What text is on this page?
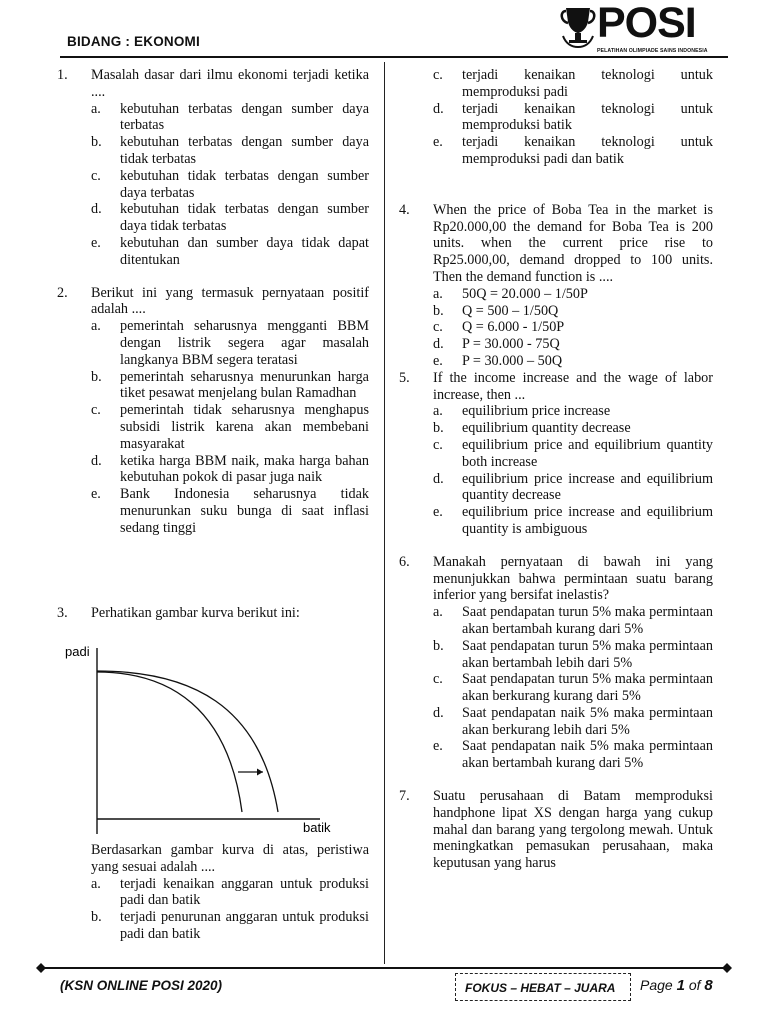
BIDANG : EKONOMI	POSI
PELATIHAN OLIMPIADE SAINS INDONESIA
1. Masalah dasar dari ilmu ekonomi terjadi ketika ....
a. kebutuhan terbatas dengan sumber daya terbatas
b. kebutuhan terbatas dengan sumber daya tidak terbatas
c. kebutuhan tidak terbatas dengan sumber daya terbatas
d. kebutuhan tidak terbatas dengan sumber daya tidak terbatas
e. kebutuhan dan sumber daya tidak dapat ditentukan
2. Berikut ini yang termasuk pernyataan positif adalah ....
a. pemerintah seharusnya mengganti BBM dengan listrik segera agar masalah langkanya BBM segera teratasi
b. pemerintah seharusnya menurunkan harga tiket pesawat menjelang bulan Ramadhan
c. pemerintah tidak seharusnya menghapus subsidi listrik karena akan membebani masyarakat
d. ketika harga BBM naik, maka harga bahan kebutuhan pokok di pasar juga naik
e. Bank Indonesia seharusnya tidak menurunkan suku bunga di saat inflasi sedang tinggi
3. Perhatikan gambar kurva berikut ini:
padi
batik
Berdasarkan gambar kurva di atas, peristiwa yang sesuai adalah ....
a. terjadi kenaikan anggaran untuk produksi padi dan batik
b. terjadi penurunan anggaran untuk produksi padi dan batik
c. terjadi kenaikan teknologi untuk memproduksi padi
d. terjadi kenaikan teknologi untuk memproduksi batik
e. terjadi kenaikan teknologi untuk memproduksi padi dan batik
4. When the price of Boba Tea in the market is Rp20.000,00 the demand for Boba Tea is 200 units. when the current price rise to Rp25.000,00, demand dropped to 100 units. Then the demand function is ....
a. 50Q = 20.000 – 1/50P
b. Q = 500 – 1/50Q
c. Q = 6.000 - 1/50P
d. P = 30.000 - 75Q
e. P = 30.000 – 50Q
5. If the income increase and the wage of labor increase, then ...
a. equilibrium price increase
b. equilibrium quantity decrease
c. equilibrium price and equilibrium quantity both increase
d. equilibrium price increase and equilibrium quantity decrease
e. equilibrium price increase and equilibrium quantity is ambiguous
6. Manakah pernyataan di bawah ini yang menunjukkan bahwa permintaan suatu barang inferior yang bersifat inelastis?
a. Saat pendapatan turun 5% maka permintaan akan bertambah kurang dari 5%
b. Saat pendapatan turun 5% maka permintaan akan bertambah lebih dari 5%
c. Saat pendapatan turun 5% maka permintaan akan berkurang kurang dari 5%
d. Saat pendapatan naik 5% maka permintaan akan berkurang lebih dari 5%
e. Saat pendapatan naik 5% maka permintaan akan bertambah kurang dari 5%
7. Suatu perusahaan di Batam memproduksi handphone lipat XS dengan harga yang cukup mahal dan barang yang tergolong mewah. Untuk meningkatkan pemasukan perusahaan, maka keputusan yang harus
(KSN ONLINE POSI 2020)	FOKUS – HEBAT – JUARA Page 1 of 8
